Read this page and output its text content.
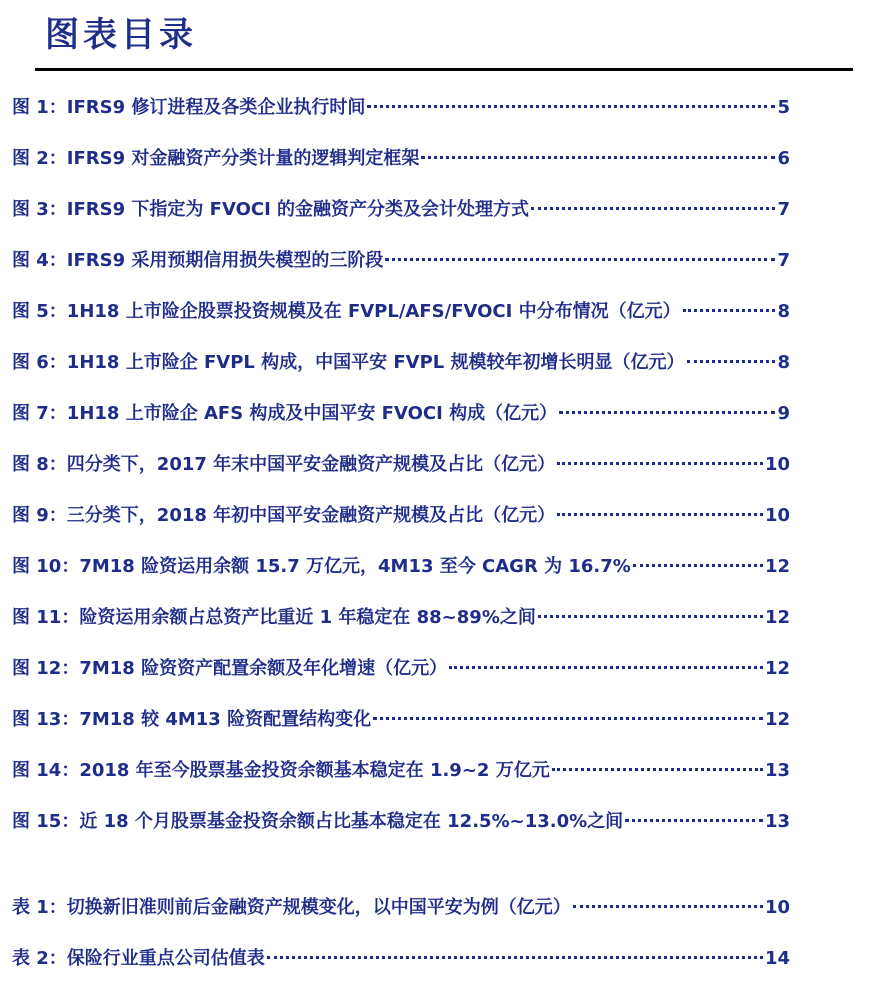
图表目录
图 1：IFRS9 修订进程及各类企业执行时间	5
图 2：IFRS9 对金融资产分类计量的逻辑判定框架	6
图 3：IFRS9 下指定为 FVOCI 的金融资产分类及会计处理方式	7
图 4：IFRS9 采用预期信用损失模型的三阶段	7
图 5：1H18 上市险企股票投资规模及在 FVPL/AFS/FVOCI 中分布情况（亿元）	8
图 6：1H18 上市险企 FVPL 构成，中国平安 FVPL 规模较年初增长明显（亿元）	8
图 7：1H18 上市险企 AFS 构成及中国平安 FVOCI 构成（亿元）	9
图 8：四分类下，2017 年末中国平安金融资产规模及占比（亿元）	10
图 9：三分类下，2018 年初中国平安金融资产规模及占比（亿元）	10
图 10：7M18 险资运用余额 15.7 万亿元，4M13 至今 CAGR 为 16.7%	12
图 11：险资运用余额占总资产比重近 1 年稳定在 88~89%之间	12
图 12：7M18 险资资产配置余额及年化增速（亿元）	12
图 13：7M18 较 4M13 险资配置结构变化	12
图 14：2018 年至今股票基金投资余额基本稳定在 1.9~2 万亿元	13
图 15：近 18 个月股票基金投资余额占比基本稳定在 12.5%~13.0%之间	13
表 1：切换新旧准则前后金融资产规模变化，以中国平安为例（亿元）	10
表 2：保险行业重点公司估值表	14
